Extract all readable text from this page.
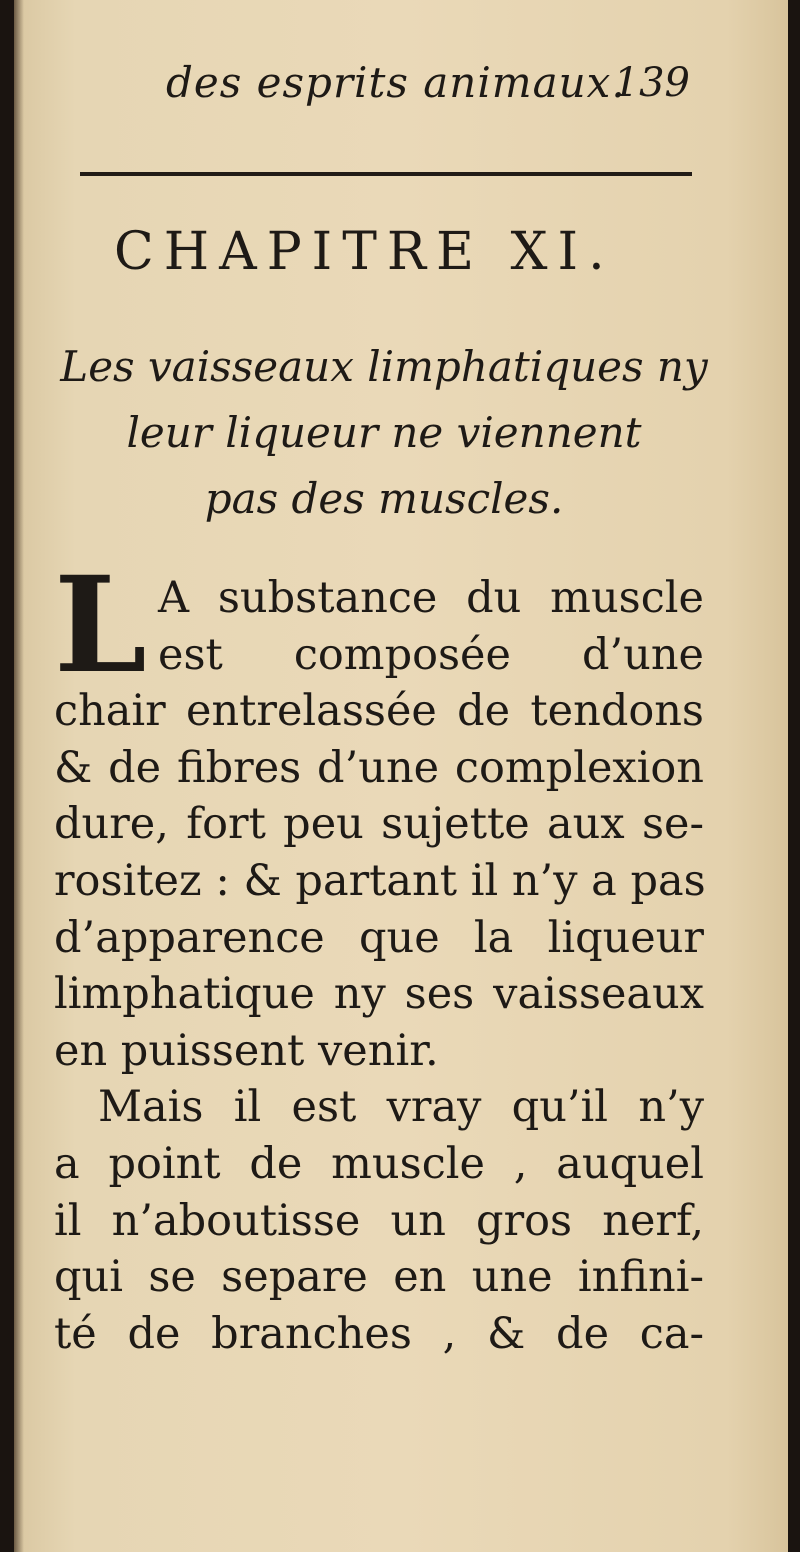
des esprits animaux.
139
CHAPITRE XI.
Les vaisseaux limphatiques ny
leur liqueur ne viennent
pas des muscles.
L A substance du muscle
est composée d’une
chair entrelassée de tendons
& de fibres d’une complexion
dure, fort peu sujette aux se-
rositez : & partant il n’y a pas
d’apparence que la liqueur
limphatique ny ses vaisseaux
en puissent venir.
Mais il est vray qu’il n’y
a point de muscle , auquel
il n’aboutisse un gros nerf,
qui se separe en une infini-
té de branches , & de ca-
